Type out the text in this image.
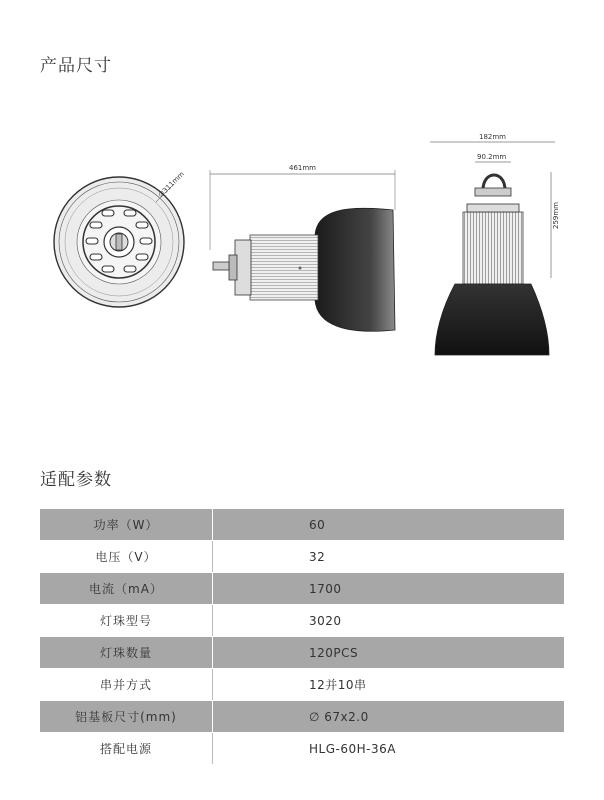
产品尺寸
∅311mm
461mm
182mm
90.2mm
259mm
适配参数
功率（W）	60
电压（V）	32
电流（mA）	1700
灯珠型号	3020
灯珠数量	120PCS
串并方式	12并10串
铝基板尺寸(mm)	∅ 67x2.0
搭配电源	HLG-60H-36A
